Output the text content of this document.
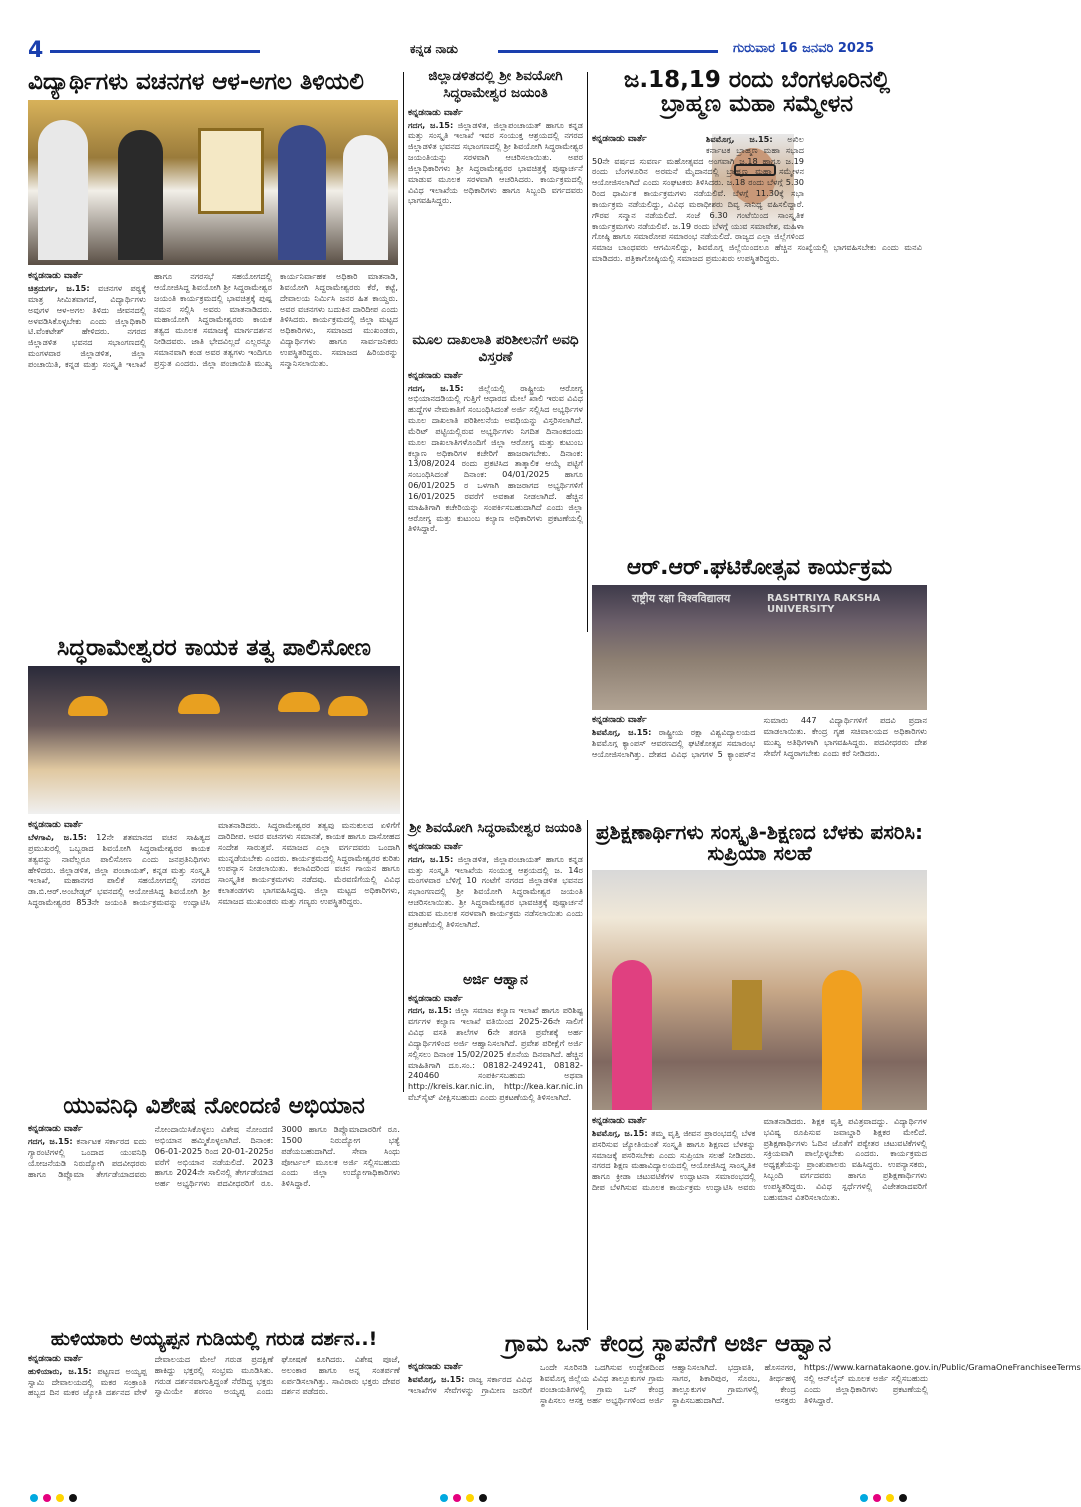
4	ಕನ್ನಡ ನಾಡು	ಗುರುವಾರ 16 ಜನವರಿ 2025
ವಿದ್ಯಾರ್ಥಿಗಳು ವಚನಗಳ ಆಳ-ಅಗಲ ತಿಳಿಯಲಿ

ಕನ್ನಡನಾಡು ವಾರ್ತೆ

ಚಿತ್ರದುರ್ಗ, ಜ.15: ವಚನಗಳ ಪಠ್ಯಕ್ಕೆ ಮಾತ್ರ ಸೀಮಿತವಾಗದೆ, ವಿದ್ಯಾರ್ಥಿಗಳು ಅವುಗಳ ಆಳ-ಅಗಲ ತಿಳಿದು ಜೀವನದಲ್ಲಿ ಅಳವಡಿಸಿಕೊಳ್ಳಬೇಕು ಎಂದು ಜಿಲ್ಲಾಧಿಕಾರಿ ಟಿ.ವೆಂಕಟೇಶ್ ಹೇಳಿದರು. ನಗರದ ಜಿಲ್ಲಾಡಳಿತ ಭವನದ ಸಭಾಂಗಣದಲ್ಲಿ ಮಂಗಳವಾರ ಜಿಲ್ಲಾಡಳಿತ, ಜಿಲ್ಲಾ ಪಂಚಾಯಿತಿ, ಕನ್ನಡ ಮತ್ತು ಸಂಸ್ಕೃತಿ ಇಲಾಖೆ ಹಾಗೂ ನಗರಸಭೆ ಸಹಯೋಗದಲ್ಲಿ ಆಯೋಜಿಸಿದ್ದ ಶಿವಯೋಗಿ ಶ್ರೀ ಸಿದ್ದರಾಮೇಶ್ವರ ಜಯಂತಿ ಕಾರ್ಯಕ್ರಮದಲ್ಲಿ ಭಾವಚಿತ್ರಕ್ಕೆ ಪುಷ್ಪ ನಮನ ಸಲ್ಲಿಸಿ ಅವರು ಮಾತನಾಡಿದರು. ಮಹಾಯೋಗಿ ಸಿದ್ದರಾಮೇಶ್ವರರು ಕಾಯಕ ತತ್ವದ ಮೂಲಕ ಸಮಾಜಕ್ಕೆ ಮಾರ್ಗದರ್ಶನ ನೀಡಿದವರು. ಜಾತಿ ಭೇದವಿಲ್ಲದೆ ಎಲ್ಲರನ್ನೂ ಸಮಾನವಾಗಿ ಕಂಡ ಅವರ ತತ್ವಗಳು ಇಂದಿಗೂ ಪ್ರಸ್ತುತ ಎಂದರು. ಜಿಲ್ಲಾ ಪಂಚಾಯಿತಿ ಮುಖ್ಯ ಕಾರ್ಯನಿರ್ವಾಹಕ ಅಧಿಕಾರಿ ಮಾತನಾಡಿ, ಶಿವಯೋಗಿ ಸಿದ್ದರಾಮೇಶ್ವರರು ಕೆರೆ, ಕಟ್ಟೆ, ದೇವಾಲಯ ನಿರ್ಮಿಸಿ ಜನರ ಹಿತ ಕಾಯ್ದರು. ಅವರ ವಚನಗಳು ಬದುಕಿನ ದಾರಿದೀಪ ಎಂದು ತಿಳಿಸಿದರು. ಕಾರ್ಯಕ್ರಮದಲ್ಲಿ ಜಿಲ್ಲಾ ಮಟ್ಟದ ಅಧಿಕಾರಿಗಳು, ಸಮಾಜದ ಮುಖಂಡರು, ವಿದ್ಯಾರ್ಥಿಗಳು ಹಾಗೂ ಸಾರ್ವಜನಿಕರು ಉಪಸ್ಥಿತರಿದ್ದರು. ಸಮಾಜದ ಹಿರಿಯರನ್ನು ಸನ್ಮಾನಿಸಲಾಯಿತು.

ಜಿಲ್ಲಾಡಳಿತದಲ್ಲಿ ಶ್ರೀ ಶಿವಯೋಗಿ ಸಿದ್ಧರಾಮೇಶ್ವರ ಜಯಂತಿ

ಕನ್ನಡನಾಡು ವಾರ್ತೆ

ಗದಗ, ಜ.15: ಜಿಲ್ಲಾಡಳಿತ, ಜಿಲ್ಲಾಪಂಚಾಯತ್ ಹಾಗೂ ಕನ್ನಡ ಮತ್ತು ಸಂಸ್ಕೃತಿ ಇಲಾಖೆ ಇವರ ಸಂಯುಕ್ತ ಆಶ್ರಯದಲ್ಲಿ ನಗರದ ಜಿಲ್ಲಾಡಳಿತ ಭವನದ ಸಭಾಂಗಣದಲ್ಲಿ ಶ್ರೀ ಶಿವಯೋಗಿ ಸಿದ್ಧರಾಮೇಶ್ವರ ಜಯಂತಿಯನ್ನು ಸರಳವಾಗಿ ಆಚರಿಸಲಾಯಿತು. ಅಪರ ಜಿಲ್ಲಾಧಿಕಾರಿಗಳು ಶ್ರೀ ಸಿದ್ಧರಾಮೇಶ್ವರರ ಭಾವಚಿತ್ರಕ್ಕೆ ಪುಷ್ಪಾರ್ಚನೆ ಮಾಡುವ ಮೂಲಕ ಸರಳವಾಗಿ ಆಚರಿಸಿದರು. ಕಾರ್ಯಕ್ರಮದಲ್ಲಿ ವಿವಿಧ ಇಲಾಖೆಯ ಅಧಿಕಾರಿಗಳು ಹಾಗೂ ಸಿಬ್ಬಂದಿ ವರ್ಗದವರು ಭಾಗವಹಿಸಿದ್ದರು.

ಮೂಲ ದಾಖಲಾತಿ ಪರಿಶೀಲನೆಗೆ ಅವಧಿ ವಿಸ್ತರಣೆ

ಕನ್ನಡನಾಡು ವಾರ್ತೆ

ಗದಗ, ಜ.15: ಜಿಲ್ಲೆಯಲ್ಲಿ ರಾಷ್ಟ್ರೀಯ ಆರೋಗ್ಯ ಅಭಿಯಾನದಡಿಯಲ್ಲಿ ಗುತ್ತಿಗೆ ಆಧಾರದ ಮೇಲೆ ಖಾಲಿ ಇರುವ ವಿವಿಧ ಹುದ್ದೆಗಳ ನೇಮಕಾತಿಗೆ ಸಂಬಂಧಿಸಿದಂತೆ ಅರ್ಜಿ ಸಲ್ಲಿಸಿದ ಅಭ್ಯರ್ಥಿಗಳ ಮೂಲ ದಾಖಲಾತಿ ಪರಿಶೀಲನೆಯ ಅವಧಿಯನ್ನು ವಿಸ್ತರಿಸಲಾಗಿದೆ. ಮೆರಿಟ್ ಪಟ್ಟಿಯಲ್ಲಿರುವ ಅಭ್ಯರ್ಥಿಗಳು ನಿಗದಿತ ದಿನಾಂಕದಂದು ಮೂಲ ದಾಖಲಾತಿಗಳೊಂದಿಗೆ ಜಿಲ್ಲಾ ಆರೋಗ್ಯ ಮತ್ತು ಕುಟುಂಬ ಕಲ್ಯಾಣ ಅಧಿಕಾರಿಗಳ ಕಚೇರಿಗೆ ಹಾಜರಾಗಬೇಕು. ದಿನಾಂಕ: 13/08/2024 ರಂದು ಪ್ರಕಟಿಸಿದ ತಾತ್ಕಾಲಿಕ ಆಯ್ಕೆ ಪಟ್ಟಿಗೆ ಸಂಬಂಧಿಸಿದಂತೆ ದಿನಾಂಕ: 04/01/2025 ಹಾಗೂ 06/01/2025 ರ ಒಳಗಾಗಿ ಹಾಜರಾಗದ ಅಭ್ಯರ್ಥಿಗಳಿಗೆ 16/01/2025 ರವರೆಗೆ ಅವಕಾಶ ನೀಡಲಾಗಿದೆ. ಹೆಚ್ಚಿನ ಮಾಹಿತಿಗಾಗಿ ಕಚೇರಿಯನ್ನು ಸಂಪರ್ಕಿಸಬಹುದಾಗಿದೆ ಎಂದು ಜಿಲ್ಲಾ ಆರೋಗ್ಯ ಮತ್ತು ಕುಟುಂಬ ಕಲ್ಯಾಣ ಅಧಿಕಾರಿಗಳು ಪ್ರಕಟಣೆಯಲ್ಲಿ ತಿಳಿಸಿದ್ದಾರೆ.

ಜ.18,19 ರಂದು ಬೆಂಗಳೂರಿನಲ್ಲಿ ಬ್ರಾಹ್ಮಣ ಮಹಾ ಸಮ್ಮೇಳನ

ಕನ್ನಡನಾಡು ವಾರ್ತೆ	ಶಿವಮೊಗ್ಗ, ಜ.15: ಅಖಿಲ ಕರ್ನಾಟಕ ಬ್ರಾಹ್ಮಣ ಮಹಾ ಸಭಾದ 50ನೇ ವರ್ಷದ ಸುವರ್ಣ ಮಹೋತ್ಸವದ ಅಂಗವಾಗಿ ಜ.18 ಹಾಗೂ ಜ.19 ರಂದು ಬೆಂಗಳೂರಿನ ಅರಮನೆ ಮೈದಾನದಲ್ಲಿ ಬ್ರಾಹ್ಮಣ ಮಹಾ ಸಮ್ಮೇಳನ ಆಯೋಜಿಸಲಾಗಿದೆ ಎಂದು ಸಂಘಟಕರು ತಿಳಿಸಿದರು. ಜ.18 ರಂದು ಬೆಳಗ್ಗೆ 5.30 ರಿಂದ ಧಾರ್ಮಿಕ ಕಾರ್ಯಕ್ರಮಗಳು ನಡೆಯಲಿವೆ. ಬೆಳಗ್ಗೆ 11.30ಕ್ಕೆ ಸಭಾ ಕಾರ್ಯಕ್ರಮ ನಡೆಯಲಿದ್ದು, ವಿವಿಧ ಮಠಾಧೀಶರು ದಿವ್ಯ ಸಾನಿಧ್ಯ ವಹಿಸಲಿದ್ದಾರೆ. ಗೌರವ ಸನ್ಮಾನ ನಡೆಯಲಿದೆ. ಸಂಜೆ 6.30 ಗಂಟೆಯಿಂದ ಸಾಂಸ್ಕೃತಿಕ ಕಾರ್ಯಕ್ರಮಗಳು ನಡೆಯಲಿವೆ. ಜ.19 ರಂದು ಬೆಳಗ್ಗೆ ಯುವ ಸಮಾವೇಶ, ಮಹಿಳಾ ಗೋಷ್ಠಿ ಹಾಗೂ ಸಮಾರೋಪ ಸಮಾರಂಭ ನಡೆಯಲಿದೆ. ರಾಜ್ಯದ ಎಲ್ಲಾ ಜಿಲ್ಲೆಗಳಿಂದ ಸಮಾಜ ಬಾಂಧವರು ಆಗಮಿಸಲಿದ್ದು, ಶಿವಮೊಗ್ಗ ಜಿಲ್ಲೆಯಿಂದಲೂ ಹೆಚ್ಚಿನ ಸಂಖ್ಯೆಯಲ್ಲಿ ಭಾಗವಹಿಸಬೇಕು ಎಂದು ಮನವಿ ಮಾಡಿದರು. ಪತ್ರಿಕಾಗೋಷ್ಠಿಯಲ್ಲಿ ಸಮಾಜದ ಪ್ರಮುಖರು ಉಪಸ್ಥಿತರಿದ್ದರು.

ಆರ್.ಆರ್.ಘಟಿಕೋತ್ಸವ ಕಾರ್ಯಕ್ರಮ
राष्ट्रीय रक्षा विश्वविद्यालय	RASHTRIYA RAKSHA UNIVERSITY

ಕನ್ನಡನಾಡು ವಾರ್ತೆ

ಶಿವಮೊಗ್ಗ, ಜ.15: ರಾಷ್ಟ್ರೀಯ ರಕ್ಷಾ ವಿಶ್ವವಿದ್ಯಾಲಯದ ಶಿವಮೊಗ್ಗ ಕ್ಯಾಂಪಸ್ ಆವರಣದಲ್ಲಿ ಘಟಿಕೋತ್ಸವ ಸಮಾರಂಭ ಆಯೋಜಿಸಲಾಗಿತ್ತು. ದೇಶದ ವಿವಿಧ ಭಾಗಗಳ 5 ಕ್ಯಾಂಪಸ್‌ನ ಸುಮಾರು 447 ವಿದ್ಯಾರ್ಥಿಗಳಿಗೆ ಪದವಿ ಪ್ರದಾನ ಮಾಡಲಾಯಿತು. ಕೇಂದ್ರ ಗೃಹ ಸಚಿವಾಲಯದ ಅಧಿಕಾರಿಗಳು ಮುಖ್ಯ ಅತಿಥಿಗಳಾಗಿ ಭಾಗವಹಿಸಿದ್ದರು. ಪದವೀಧರರು ದೇಶ ಸೇವೆಗೆ ಸಿದ್ಧರಾಗಬೇಕು ಎಂದು ಕರೆ ನೀಡಿದರು.

ಸಿದ್ಧರಾಮೇಶ್ವರರ ಕಾಯಕ ತತ್ವ ಪಾಲಿಸೋಣ

ಕನ್ನಡನಾಡು ವಾರ್ತೆ

ಬೆಳಗಾವಿ, ಜ.15: 12ನೇ ಶತಮಾನದ ವಚನ ಸಾಹಿತ್ಯದ ಪ್ರಮುಖರಲ್ಲಿ ಒಬ್ಬರಾದ ಶಿವಯೋಗಿ ಸಿದ್ಧರಾಮೇಶ್ವರರ ಕಾಯಕ ತತ್ವವನ್ನು ನಾವೆಲ್ಲರೂ ಪಾಲಿಸೋಣ ಎಂದು ಜನಪ್ರತಿನಿಧಿಗಳು ಹೇಳಿದರು. ಜಿಲ್ಲಾಡಳಿತ, ಜಿಲ್ಲಾ ಪಂಚಾಯತ್, ಕನ್ನಡ ಮತ್ತು ಸಂಸ್ಕೃತಿ ಇಲಾಖೆ, ಮಹಾನಗರ ಪಾಲಿಕೆ ಸಹಯೋಗದಲ್ಲಿ ನಗರದ ಡಾ.ಬಿ.ಆರ್.ಅಂಬೇಡ್ಕರ್ ಭವನದಲ್ಲಿ ಆಯೋಜಿಸಿದ್ದ ಶಿವಯೋಗಿ ಶ್ರೀ ಸಿದ್ಧರಾಮೇಶ್ವರರ 853ನೇ ಜಯಂತಿ ಕಾರ್ಯಕ್ರಮವನ್ನು ಉದ್ಘಾಟಿಸಿ ಮಾತನಾಡಿದರು. ಸಿದ್ಧರಾಮೇಶ್ವರರ ತತ್ವವು ಮನುಕುಲದ ಏಳಿಗೆಗೆ ದಾರಿದೀಪ. ಅವರ ವಚನಗಳು ಸಮಾನತೆ, ಕಾಯಕ ಹಾಗೂ ದಾಸೋಹದ ಸಂದೇಶ ಸಾರುತ್ತವೆ. ಸಮಾಜದ ಎಲ್ಲಾ ವರ್ಗದವರು ಒಂದಾಗಿ ಮುನ್ನಡೆಯಬೇಕು ಎಂದರು. ಕಾರ್ಯಕ್ರಮದಲ್ಲಿ ಸಿದ್ಧರಾಮೇಶ್ವರರ ಕುರಿತು ಉಪನ್ಯಾಸ ನೀಡಲಾಯಿತು. ಕಲಾವಿದರಿಂದ ವಚನ ಗಾಯನ ಹಾಗೂ ಸಾಂಸ್ಕೃತಿಕ ಕಾರ್ಯಕ್ರಮಗಳು ನಡೆದವು. ಮೆರವಣಿಗೆಯಲ್ಲಿ ವಿವಿಧ ಕಲಾತಂಡಗಳು ಭಾಗವಹಿಸಿದ್ದವು. ಜಿಲ್ಲಾ ಮಟ್ಟದ ಅಧಿಕಾರಿಗಳು, ಸಮಾಜದ ಮುಖಂಡರು ಮತ್ತು ಗಣ್ಯರು ಉಪಸ್ಥಿತರಿದ್ದರು.

ಶ್ರೀ ಶಿವಯೋಗಿ ಸಿದ್ಧರಾಮೇಶ್ವರ ಜಯಂತಿ

ಕನ್ನಡನಾಡು ವಾರ್ತೆ

ಗದಗ, ಜ.15: ಜಿಲ್ಲಾಡಳಿತ, ಜಿಲ್ಲಾಪಂಚಾಯತ್ ಹಾಗೂ ಕನ್ನಡ ಮತ್ತು ಸಂಸ್ಕೃತಿ ಇಲಾಖೆಯ ಸಂಯುಕ್ತ ಆಶ್ರಯದಲ್ಲಿ ಜ. 14ರ ಮಂಗಳವಾರ ಬೆಳಿಗ್ಗೆ 10 ಗಂಟೆಗೆ ನಗರದ ಜಿಲ್ಲಾಡಳಿತ ಭವನದ ಸಭಾಂಗಣದಲ್ಲಿ ಶ್ರೀ ಶಿವಯೋಗಿ ಸಿದ್ಧರಾಮೇಶ್ವರ ಜಯಂತಿ ಆಚರಿಸಲಾಯಿತು. ಶ್ರೀ ಸಿದ್ಧರಾಮೇಶ್ವರರ ಭಾವಚಿತ್ರಕ್ಕೆ ಪುಷ್ಪಾರ್ಚನೆ ಮಾಡುವ ಮೂಲಕ ಸರಳವಾಗಿ ಕಾರ್ಯಕ್ರಮ ನಡೆಸಲಾಯಿತು ಎಂದು ಪ್ರಕಟಣೆಯಲ್ಲಿ ತಿಳಿಸಲಾಗಿದೆ.

ಅರ್ಜಿ ಆಹ್ವಾನ

ಕನ್ನಡನಾಡು ವಾರ್ತೆ

ಗದಗ, ಜ.15: ಜಿಲ್ಲಾ ಸಮಾಜ ಕಲ್ಯಾಣ ಇಲಾಖೆ ಹಾಗೂ ಪರಿಶಿಷ್ಟ ವರ್ಗಗಳ ಕಲ್ಯಾಣ ಇಲಾಖೆ ವತಿಯಿಂದ 2025-26ನೇ ಸಾಲಿಗೆ ವಿವಿಧ ವಸತಿ ಶಾಲೆಗಳ 6ನೇ ತರಗತಿ ಪ್ರವೇಶಕ್ಕೆ ಅರ್ಹ ವಿದ್ಯಾರ್ಥಿಗಳಿಂದ ಅರ್ಜಿ ಆಹ್ವಾನಿಸಲಾಗಿದೆ. ಪ್ರವೇಶ ಪರೀಕ್ಷೆಗೆ ಅರ್ಜಿ ಸಲ್ಲಿಸಲು ದಿನಾಂಕ 15/02/2025 ಕೊನೆಯ ದಿನವಾಗಿದೆ. ಹೆಚ್ಚಿನ ಮಾಹಿತಿಗಾಗಿ ದೂ.ಸಂ.: 08182-249241, 08182-240460 ಸಂಪರ್ಕಿಸಬಹುದು ಅಥವಾ http://kreis.kar.nic.in, http://kea.kar.nic.in ವೆಬ್‌ಸೈಟ್ ವೀಕ್ಷಿಸಬಹುದು ಎಂದು ಪ್ರಕಟಣೆಯಲ್ಲಿ ತಿಳಿಸಲಾಗಿದೆ.

ಪ್ರಶಿಕ್ಷಣಾರ್ಥಿಗಳು ಸಂಸ್ಕೃತಿ-ಶಿಕ್ಷಣದ ಬೆಳಕು ಪಸರಿಸಿ: ಸುಪ್ರಿಯಾ ಸಲಹೆ

ಕನ್ನಡನಾಡು ವಾರ್ತೆ

ಶಿವಮೊಗ್ಗ, ಜ.15: ತಮ್ಮ ವೃತ್ತಿ ಜೀವನ ಪ್ರಾರಂಭದಲ್ಲಿ ಬೆಳಕ ಪಸರಿಸುವ ಜ್ಯೋತಿಯಂತೆ ಸಂಸ್ಕೃತಿ ಹಾಗೂ ಶಿಕ್ಷಣದ ಬೆಳಕನ್ನು ಸಮಾಜಕ್ಕೆ ಪಸರಿಸಬೇಕು ಎಂದು ಸುಪ್ರಿಯಾ ಸಲಹೆ ನೀಡಿದರು. ನಗರದ ಶಿಕ್ಷಣ ಮಹಾವಿದ್ಯಾಲಯದಲ್ಲಿ ಆಯೋಜಿಸಿದ್ದ ಸಾಂಸ್ಕೃತಿಕ ಹಾಗೂ ಕ್ರೀಡಾ ಚಟುವಟಿಕೆಗಳ ಉದ್ಘಾಟನಾ ಸಮಾರಂಭದಲ್ಲಿ ದೀಪ ಬೆಳಗಿಸುವ ಮೂಲಕ ಕಾರ್ಯಕ್ರಮ ಉದ್ಘಾಟಿಸಿ ಅವರು ಮಾತನಾಡಿದರು. ಶಿಕ್ಷಕ ವೃತ್ತಿ ಪವಿತ್ರವಾದದ್ದು. ವಿದ್ಯಾರ್ಥಿಗಳ ಭವಿಷ್ಯ ರೂಪಿಸುವ ಜವಾಬ್ದಾರಿ ಶಿಕ್ಷಕರ ಮೇಲಿದೆ. ಪ್ರಶಿಕ್ಷಣಾರ್ಥಿಗಳು ಓದಿನ ಜೊತೆಗೆ ಪಠ್ಯೇತರ ಚಟುವಟಿಕೆಗಳಲ್ಲಿ ಸಕ್ರಿಯವಾಗಿ ಪಾಲ್ಗೊಳ್ಳಬೇಕು ಎಂದರು. ಕಾರ್ಯಕ್ರಮದ ಅಧ್ಯಕ್ಷತೆಯನ್ನು ಪ್ರಾಂಶುಪಾಲರು ವಹಿಸಿದ್ದರು. ಉಪನ್ಯಾಸಕರು, ಸಿಬ್ಬಂದಿ ವರ್ಗದವರು ಹಾಗೂ ಪ್ರಶಿಕ್ಷಣಾರ್ಥಿಗಳು ಉಪಸ್ಥಿತರಿದ್ದರು. ವಿವಿಧ ಸ್ಪರ್ಧೆಗಳಲ್ಲಿ ವಿಜೇತರಾದವರಿಗೆ ಬಹುಮಾನ ವಿತರಿಸಲಾಯಿತು.

ಯುವನಿಧಿ ವಿಶೇಷ ನೋಂದಣಿ ಅಭಿಯಾನ

ಕನ್ನಡನಾಡು ವಾರ್ತೆ

ಗದಗ, ಜ.15: ಕರ್ನಾಟಕ ಸರ್ಕಾರದ ಐದು ಗ್ಯಾರಂಟಿಗಳಲ್ಲಿ ಒಂದಾದ ಯುವನಿಧಿ ಯೋಜನೆಯಡಿ ನಿರುದ್ಯೋಗಿ ಪದವೀಧರರು ಹಾಗೂ ಡಿಪ್ಲೊಮಾ ತೇರ್ಗಡೆಯಾದವರು ನೋಂದಾಯಿಸಿಕೊಳ್ಳಲು ವಿಶೇಷ ನೋಂದಣಿ ಅಭಿಯಾನ ಹಮ್ಮಿಕೊಳ್ಳಲಾಗಿದೆ. ದಿನಾಂಕ: 06-01-2025 ರಿಂದ 20-01-2025ರ ವರೆಗೆ ಅಭಿಯಾನ ನಡೆಯಲಿದೆ. 2023 ಹಾಗೂ 2024ನೇ ಸಾಲಿನಲ್ಲಿ ತೇರ್ಗಡೆಯಾದ ಅರ್ಹ ಅಭ್ಯರ್ಥಿಗಳು ಪದವೀಧರರಿಗೆ ರೂ. 3000 ಹಾಗೂ ಡಿಪ್ಲೊಮಾದಾರರಿಗೆ ರೂ. 1500 ನಿರುದ್ಯೋಗ ಭತ್ಯೆ ಪಡೆಯಬಹುದಾಗಿದೆ. ಸೇವಾ ಸಿಂಧು ಪೋರ್ಟಲ್ ಮೂಲಕ ಅರ್ಜಿ ಸಲ್ಲಿಸಬಹುದು ಎಂದು ಜಿಲ್ಲಾ ಉದ್ಯೋಗಾಧಿಕಾರಿಗಳು ತಿಳಿಸಿದ್ದಾರೆ.

ಹುಳಿಯಾರು ಅಯ್ಯಪ್ಪನ ಗುಡಿಯಲ್ಲಿ ಗರುಡ ದರ್ಶನ..!

ಕನ್ನಡನಾಡು ವಾರ್ತೆ

ಹುಳಿಯಾರು, ಜ.15: ಪಟ್ಟಣದ ಅಯ್ಯಪ್ಪ ಸ್ವಾಮಿ ದೇವಾಲಯದಲ್ಲಿ ಮಕರ ಸಂಕ್ರಾಂತಿ ಹಬ್ಬದ ದಿನ ಮಕರ ಜ್ಯೋತಿ ದರ್ಶನದ ವೇಳೆ ದೇವಾಲಯದ ಮೇಲೆ ಗರುಡ ಪ್ರದಕ್ಷಿಣೆ ಹಾಕಿದ್ದು ಭಕ್ತರಲ್ಲಿ ಸಂಭ್ರಮ ಮೂಡಿಸಿತು. ಗರುಡ ದರ್ಶನವಾಗುತ್ತಿದ್ದಂತೆ ನೆರೆದಿದ್ದ ಭಕ್ತರು ಸ್ವಾಮಿಯೇ ಶರಣಂ ಅಯ್ಯಪ್ಪ ಎಂದು ಘೋಷಣೆ ಕೂಗಿದರು. ವಿಶೇಷ ಪೂಜೆ, ಅಲಂಕಾರ ಹಾಗೂ ಅನ್ನ ಸಂತರ್ಪಣೆ ಏರ್ಪಡಿಸಲಾಗಿತ್ತು. ಸಾವಿರಾರು ಭಕ್ತರು ದೇವರ ದರ್ಶನ ಪಡೆದರು.

ಗ್ರಾಮ ಒನ್ ಕೇಂದ್ರ ಸ್ಥಾಪನೆಗೆ ಅರ್ಜಿ ಆಹ್ವಾನ

ಕನ್ನಡನಾಡು ವಾರ್ತೆ

ಶಿವಮೊಗ್ಗ, ಜ.15: ರಾಜ್ಯ ಸರ್ಕಾರದ ವಿವಿಧ ಇಲಾಖೆಗಳ ಸೇವೆಗಳನ್ನು ಗ್ರಾಮೀಣ ಜನರಿಗೆ ಒಂದೇ ಸೂರಿನಡಿ ಒದಗಿಸುವ ಉದ್ದೇಶದಿಂದ ಶಿವಮೊಗ್ಗ ಜಿಲ್ಲೆಯ ವಿವಿಧ ತಾಲ್ಲೂಕುಗಳ ಗ್ರಾಮ ಪಂಚಾಯತಿಗಳಲ್ಲಿ ಗ್ರಾಮ ಒನ್ ಕೇಂದ್ರ ಸ್ಥಾಪಿಸಲು ಆಸಕ್ತ ಅರ್ಹ ಅಭ್ಯರ್ಥಿಗಳಿಂದ ಅರ್ಜಿ ಆಹ್ವಾನಿಸಲಾಗಿದೆ. ಭದ್ರಾವತಿ, ಹೊಸನಗರ, ಸಾಗರ, ಶಿಕಾರಿಪುರ, ಸೊರಬ, ತೀರ್ಥಹಳ್ಳಿ ತಾಲ್ಲೂಕುಗಳ ಗ್ರಾಮಗಳಲ್ಲಿ ಕೇಂದ್ರ ಸ್ಥಾಪಿಸಬಹುದಾಗಿದೆ. ಆಸಕ್ತರು https://www.karnatakaone.gov.in/Public/GramaOneFranchiseeTerms ನಲ್ಲಿ ಆನ್‌ಲೈನ್ ಮೂಲಕ ಅರ್ಜಿ ಸಲ್ಲಿಸಬಹುದು ಎಂದು ಜಿಲ್ಲಾಧಿಕಾರಿಗಳು ಪ್ರಕಟಣೆಯಲ್ಲಿ ತಿಳಿಸಿದ್ದಾರೆ.
